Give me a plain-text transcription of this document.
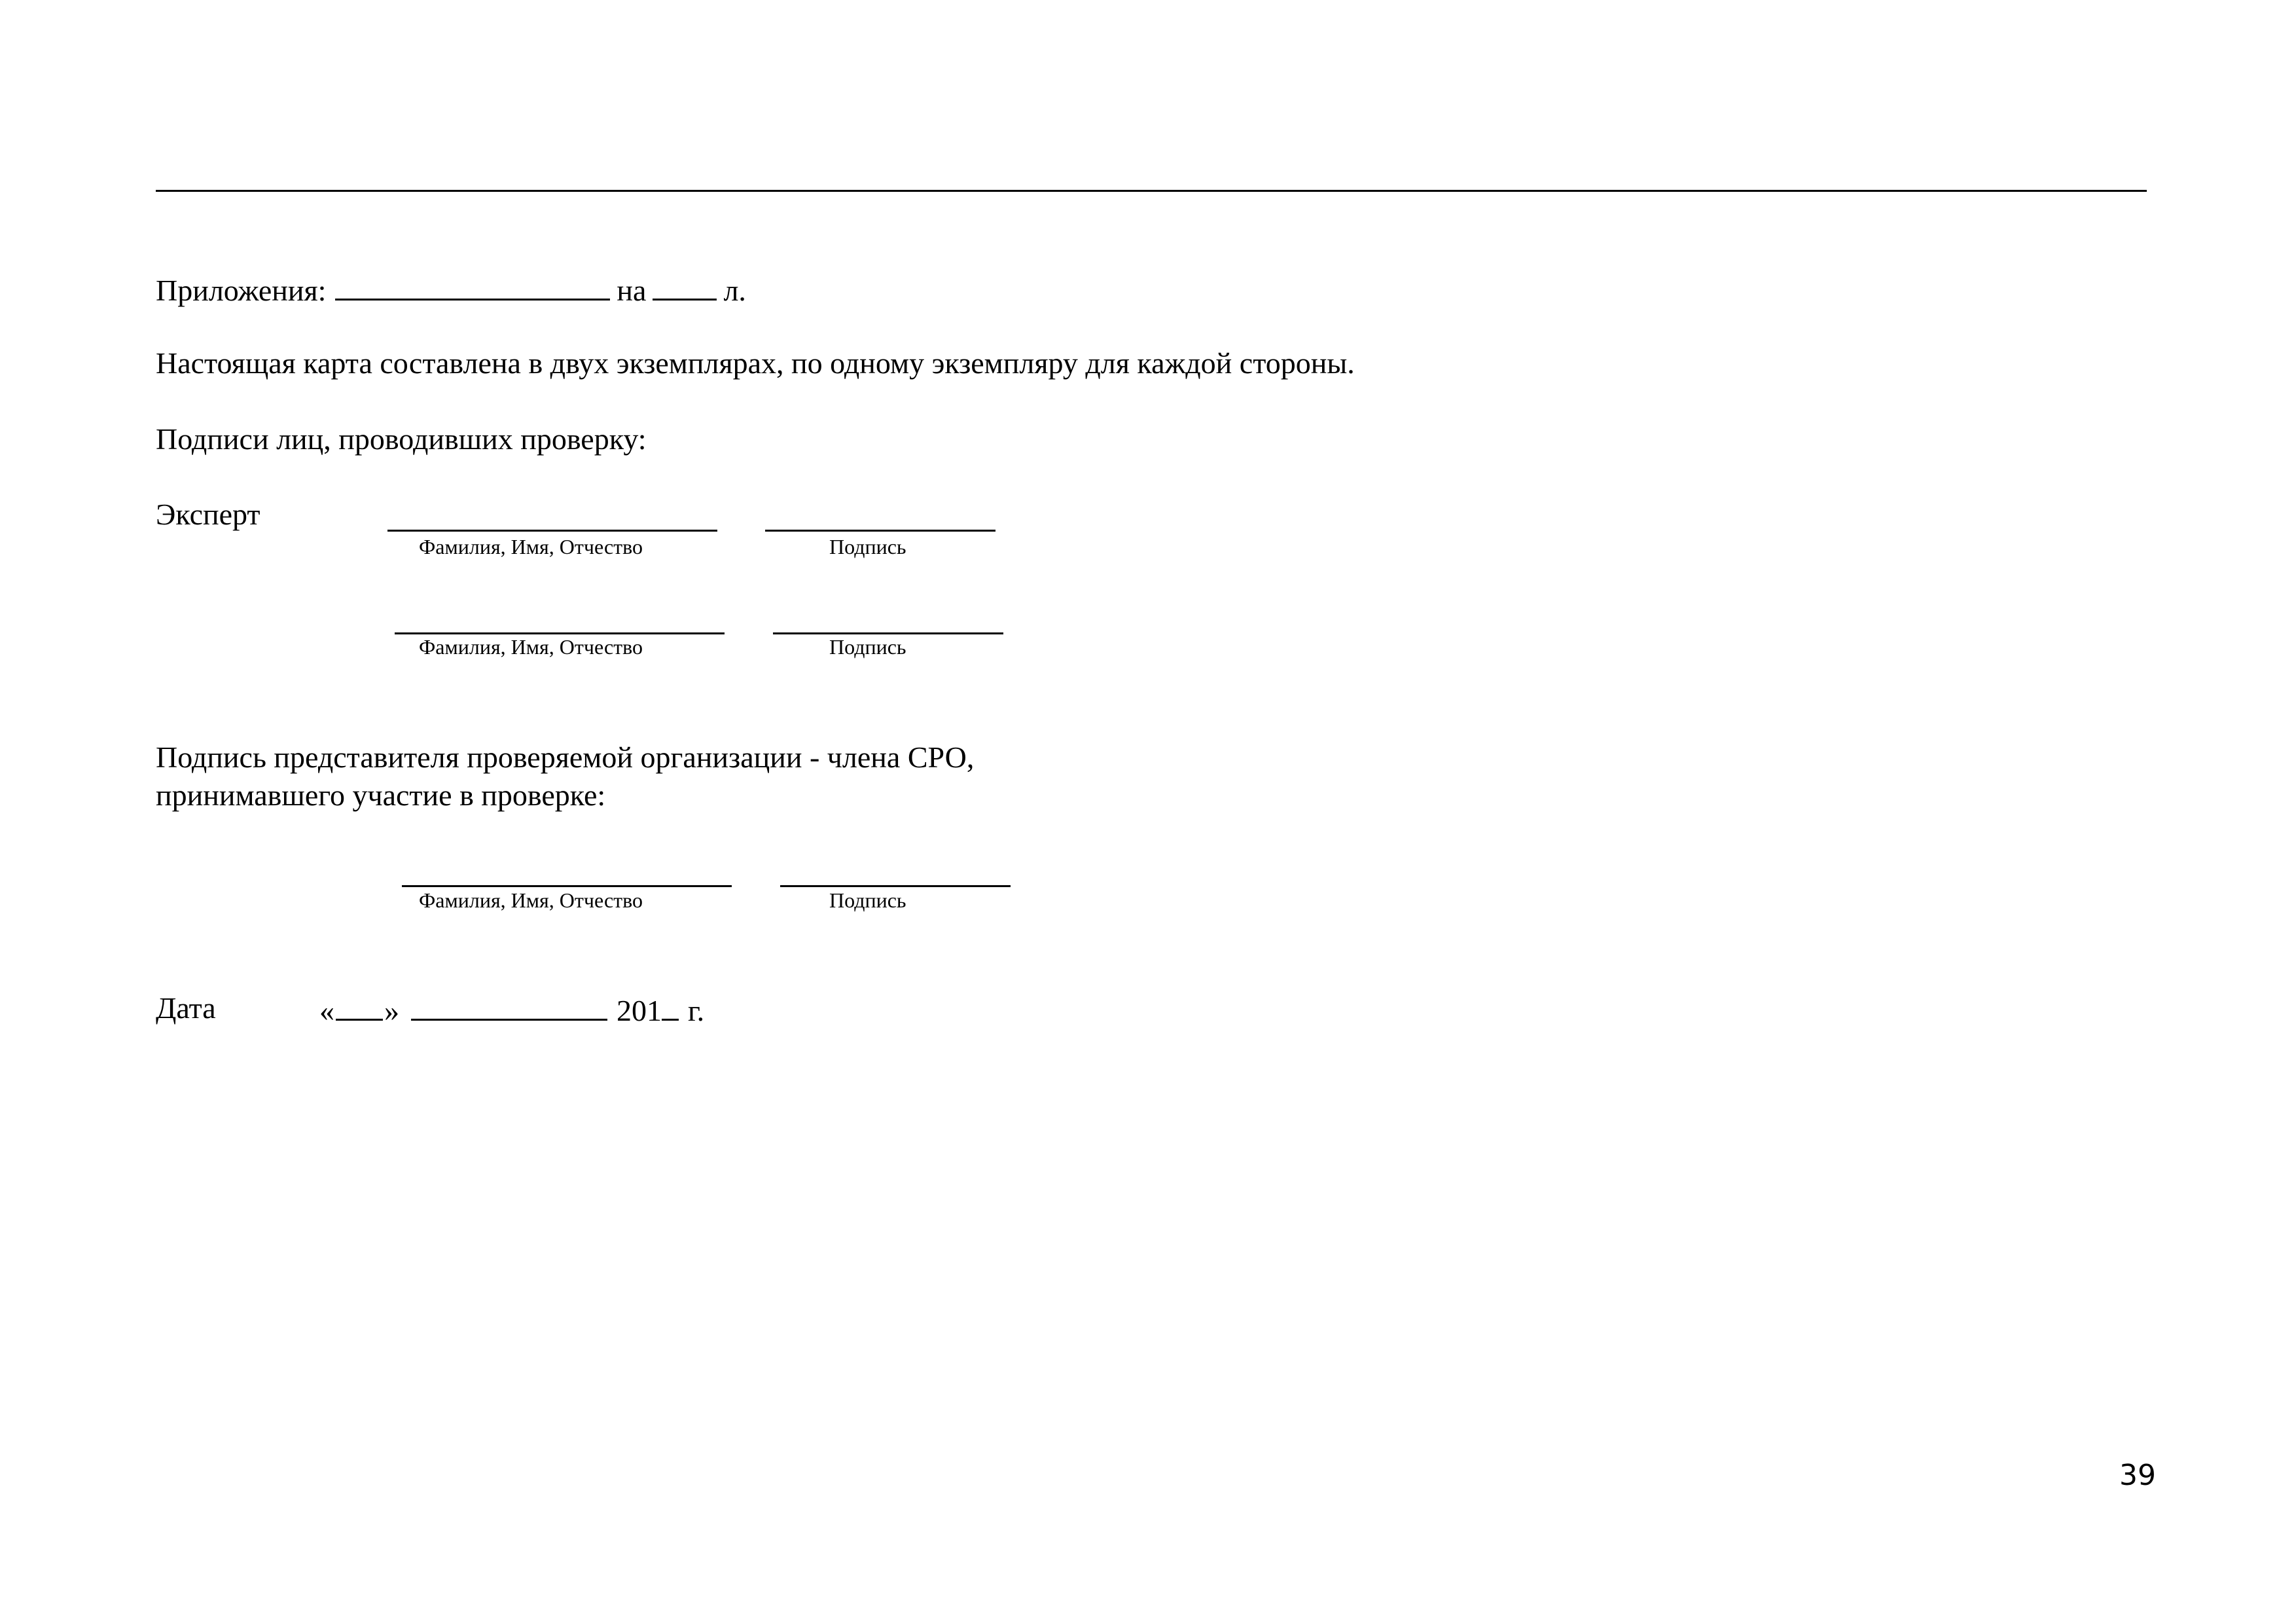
Приложения:	на	л.
Настоящая карта составлена в двух экземплярах, по одному экземпляру для каждой стороны.
Подписи лиц, проводивших проверку:
Эксперт
Фамилия, Имя, Отчество	Подпись
Фамилия, Имя, Отчество	Подпись
Подпись представителя проверяемой организации - члена СРО,
принимавшего участие в проверке:
Фамилия, Имя, Отчество	Подпись
Дата	« »	201 г.
39
